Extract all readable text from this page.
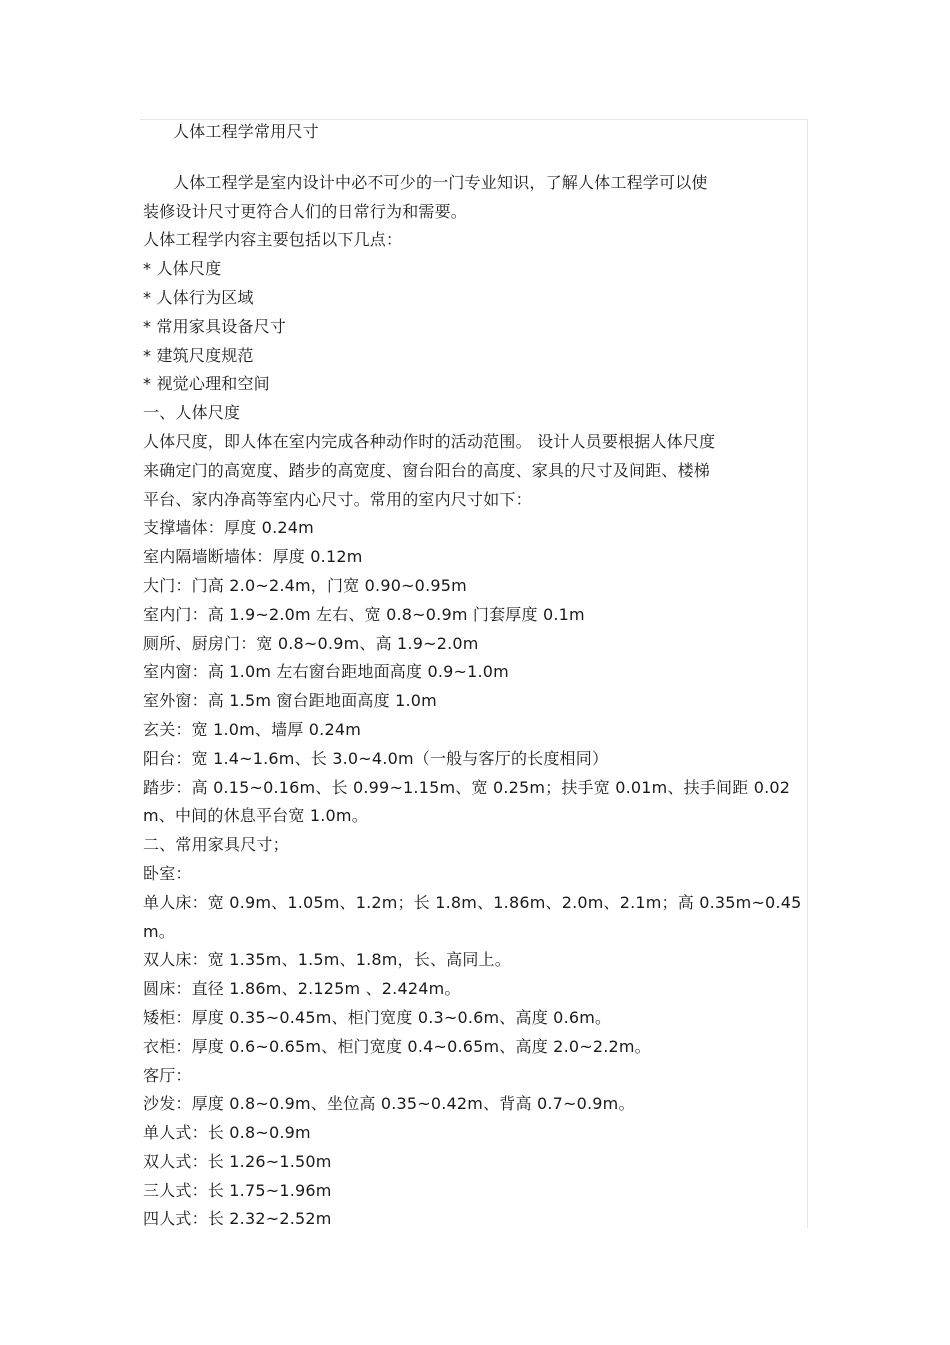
人体工程学常用尺寸
人体工程学是室内设计中必不可少的一门专业知识，了解人体工程学可以使
装修设计尺寸更符合人们的日常行为和需要。
人体工程学内容主要包括以下几点：
* 人体尺度
* 人体行为区域
* 常用家具设备尺寸
* 建筑尺度规范
* 视觉心理和空间
一、人体尺度
人体尺度，即人体在室内完成各种动作时的活动范围。 设计人员要根据人体尺度
来确定门的高宽度、踏步的高宽度、窗台阳台的高度、家具的尺寸及间距、楼梯
平台、家内净高等室内心尺寸。常用的室内尺寸如下：
支撑墙体：厚度 0.24m
室内隔墙断墙体：厚度 0.12m
大门：门高 2.0~2.4m，门宽 0.90~0.95m
室内门：高 1.9~2.0m 左右、宽 0.8~0.9m 门套厚度 0.1m
厕所、厨房门：宽 0.8~0.9m、高 1.9~2.0m
室内窗：高 1.0m 左右窗台距地面高度 0.9~1.0m
室外窗：高 1.5m 窗台距地面高度 1.0m
玄关：宽 1.0m、墙厚 0.24m
阳台：宽 1.4~1.6m、长 3.0~4.0m（一般与客厅的长度相同）
踏步：高 0.15~0.16m、长 0.99~1.15m、宽 0.25m；扶手宽 0.01m、扶手间距 0.02
m、中间的休息平台宽 1.0m。
二、常用家具尺寸；
卧室：
单人床：宽 0.9m、1.05m、1.2m；长 1.8m、1.86m、2.0m、2.1m；高 0.35m~0.45
m。
双人床：宽 1.35m、1.5m、1.8m，长、高同上。
圆床：直径 1.86m、2.125m 、2.424m。
矮柜：厚度 0.35~0.45m、柜门宽度 0.3~0.6m、高度 0.6m。
衣柜：厚度 0.6~0.65m、柜门宽度 0.4~0.65m、高度 2.0~2.2m。
客厅：
沙发：厚度 0.8~0.9m、坐位高 0.35~0.42m、背高 0.7~0.9m。
单人式：长 0.8~0.9m
双人式：长 1.26~1.50m
三人式：长 1.75~1.96m
四人式：长 2.32~2.52m
